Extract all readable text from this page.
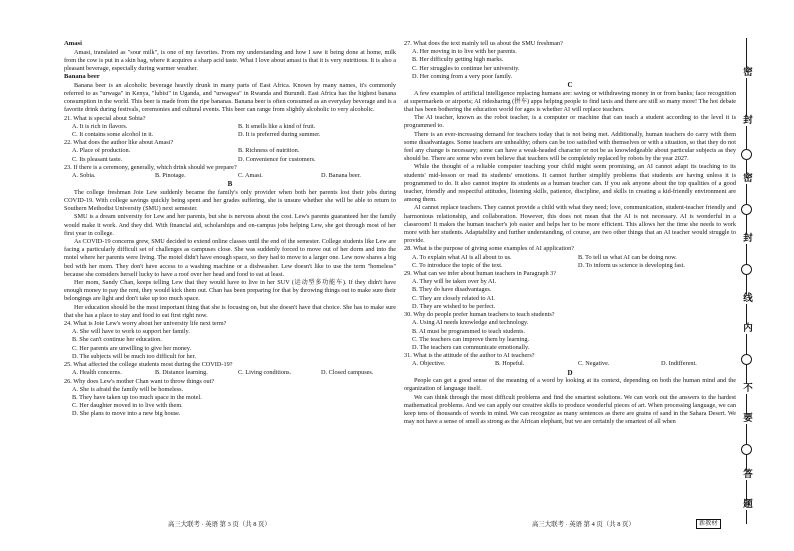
Amasi

Amasi, translated as "sour milk", is one of my favorites. From my understanding and how I saw it being done at home, milk from the cow is put in a skin bag, where it acquires a sharp acid taste. What I love about amasi is that it is very nutritious. It is also a pleasant beverage, especially during warmer weather.

Banana beer

Banana beer is an alcoholic beverage heavily drunk in many parts of East Africa. Known by many names, it's commonly referred to as "urwaga" in Kenya, "lubisi" in Uganda, and "urwagwa" in Rwanda and Burundi. East Africa has the highest banana consumption in the world. This beer is made from the ripe bananas. Banana beer is often consumed as an everyday beverage and is a favorite drink during festivals, ceremonies and cultural events. This beer can range from slightly alcoholic to very alcoholic.

21. What is special about Sobia?

A. It is rich in flavors.	B. It smells like a kind of fruit.
C. It contains some alcohol in it.	D. It is preferred during summer.

22. What does the author like about Amasi?

A. Place of production.	B. Richness of nutrition.
C. Its pleasant taste.	D. Convenience for customers.

23. If there is a ceremony, generally, which drink should we prepare?

A. Sobia.	B. Pinotage.	C. Amasi.	D. Banana beer.

B

The college freshman Joie Lew suddenly became the family's only provider when both her parents lost their jobs during COVID-19. With college savings quickly being spent and her grades suffering, she is unsure whether she will be able to return to Southern Methodist University (SMU) next semester.

SMU is a dream university for Lew and her parents, but she is nervous about the cost. Lew's parents guaranteed her the family would make it work. And they did. With financial aid, scholarships and on-campus jobs helping Lew, she got through most of her first year in college.

As COVID-19 concerns grew, SMU decided to extend online classes until the end of the semester. College students like Lew are facing a particularly difficult set of challenges as campuses close. She was suddenly forced to move out of her dorm and into the motel where her parents were living. The motel didn't have enough space, so they had to move to a larger one. Lew now shares a big bed with her mom. They don't have access to a washing machine or a dishwasher. Lew doesn't like to use the term "homeless" because she considers herself lucky to have a roof over her head and food to eat at least.

Her mom, Sandy Chan, keeps telling Lew that they would have to live in her SUV (运动型多功能车). If they didn't have enough money to pay the rent, they would kick them out. Chan has been preparing for that by throwing things out to make sure their belongings are light and don't take up too much space.

Her education should be the most important thing that she is focusing on, but she doesn't have that choice. She has to make sure that she has a place to stay and food to eat first right now.

24. What is Joie Lew's worry about her university life next term?

A. She will have to work to support her family.
B. She can't continue her education.
C. Her parents are unwilling to give her money.
D. The subjects will be much too difficult for her.

25. What affected the college students most during the COVID-19?

A. Health concerns.	B. Distance learning.	C. Living conditions.	D. Closed campuses.

26. Why does Lew's mother Chan want to throw things out?

A. She is afraid the family will be homeless.
B. They have taken up too much space in the motel.
C. Her daughter moved in to live with them.
D. She plans to move into a new big house.

27. What does the text mainly tell us about the SMU freshman?

A. Her moving in to live with her parents.
B. Her difficulty getting high marks.
C. Her struggles to continue her university.
D. Her coming from a very poor family.

C

A few examples of artificial intelligence replacing humans are: saving or withdrawing money in or from banks; face recognition at supermarkets or airports; AI ridesharing (拼车) apps helping people to find taxis and there are still so many more! The hot debate that has been bothering the education world for ages is whether AI will replace teachers.

The AI teacher, known as the robot teacher, is a computer or machine that can teach a student according to the level it is programmed to.

There is an ever-increasing demand for teachers today that is not being met. Additionally, human teachers do carry with them some disadvantages. Some teachers are unhealthy; others can be too satisfied with themselves or with a situation, so that they do not feel any change is necessary; some can have a weak-headed character or not be as knowledgeable about particular subjects as they should be. There are some who even believe that teachers will be completely replaced by robots by the year 2027.

While the thought of a reliable computer teaching your child might seem promising, an AI cannot adapt its teaching to its students' mid-lesson or read its students' emotions. It cannot further simplify problems that students are having unless it is programmed to do. It also cannot inspire its students as a human teacher can. If you ask anyone about the top qualities of a good teacher, friendly and respectful attitudes, listening skills, patience, discipline, and skills in creating a kid-friendly environment are among them.

AI cannot replace teachers. They cannot provide a child with what they need; love, communication, student-teacher friendly and harmonious relationship, and collaboration. However, this does not mean that the AI is not necessary. AI is wonderful in a classroom! It makes the human teacher's job easier and helps her to be more efficient. This allows her the time she needs to work more with her students. Adaptability and further understanding, of course, are two other things that an AI teacher would struggle to provide.

28. What is the purpose of giving some examples of AI application?

A. To explain what AI is all about to us.	B. To tell us what AI can be doing now.
C. To introduce the topic of the text.	D. To inform us science is developing fast.

29. What can we infer about human teachers in Paragraph 3?

A. They will be taken over by AI.
B. They do have disadvantages.
C. They are closely related to AI.
D. They are wished to be perfect.

30. Why do people prefer human teachers to teach students?

A. Using AI needs knowledge and technology.
B. AI must be programmed to teach students.
C. The teachers can improve them by learning.
D. The teachers can communicate emotionally.

31. What is the attitude of the author to AI teachers?

A. Objective.	B. Hopeful.	C. Negative.	D. Indifferent.

D

People can get a good sense of the meaning of a word by looking at its context, depending on both the human mind and the organization of language itself.

We can think through the most difficult problems and find the smartest solutions. We can work out the answers to the hardest mathematical problems. And we can apply our creative skills to produce wonderful pieces of art. When processing language, we can keep tens of thousands of words in mind. We can recognize as many sentences as there are grains of sand in the Sahara Desert. We may not have a sense of smell as strong as the African elephant, but we are certainly the smartest of all when

高三大联考 · 英语 第 3 页（共 8 页）	高三大联考 · 英语 第 4 页（共 8 页）	新教材
密
封
密
封
线
内
不
要
答
题
